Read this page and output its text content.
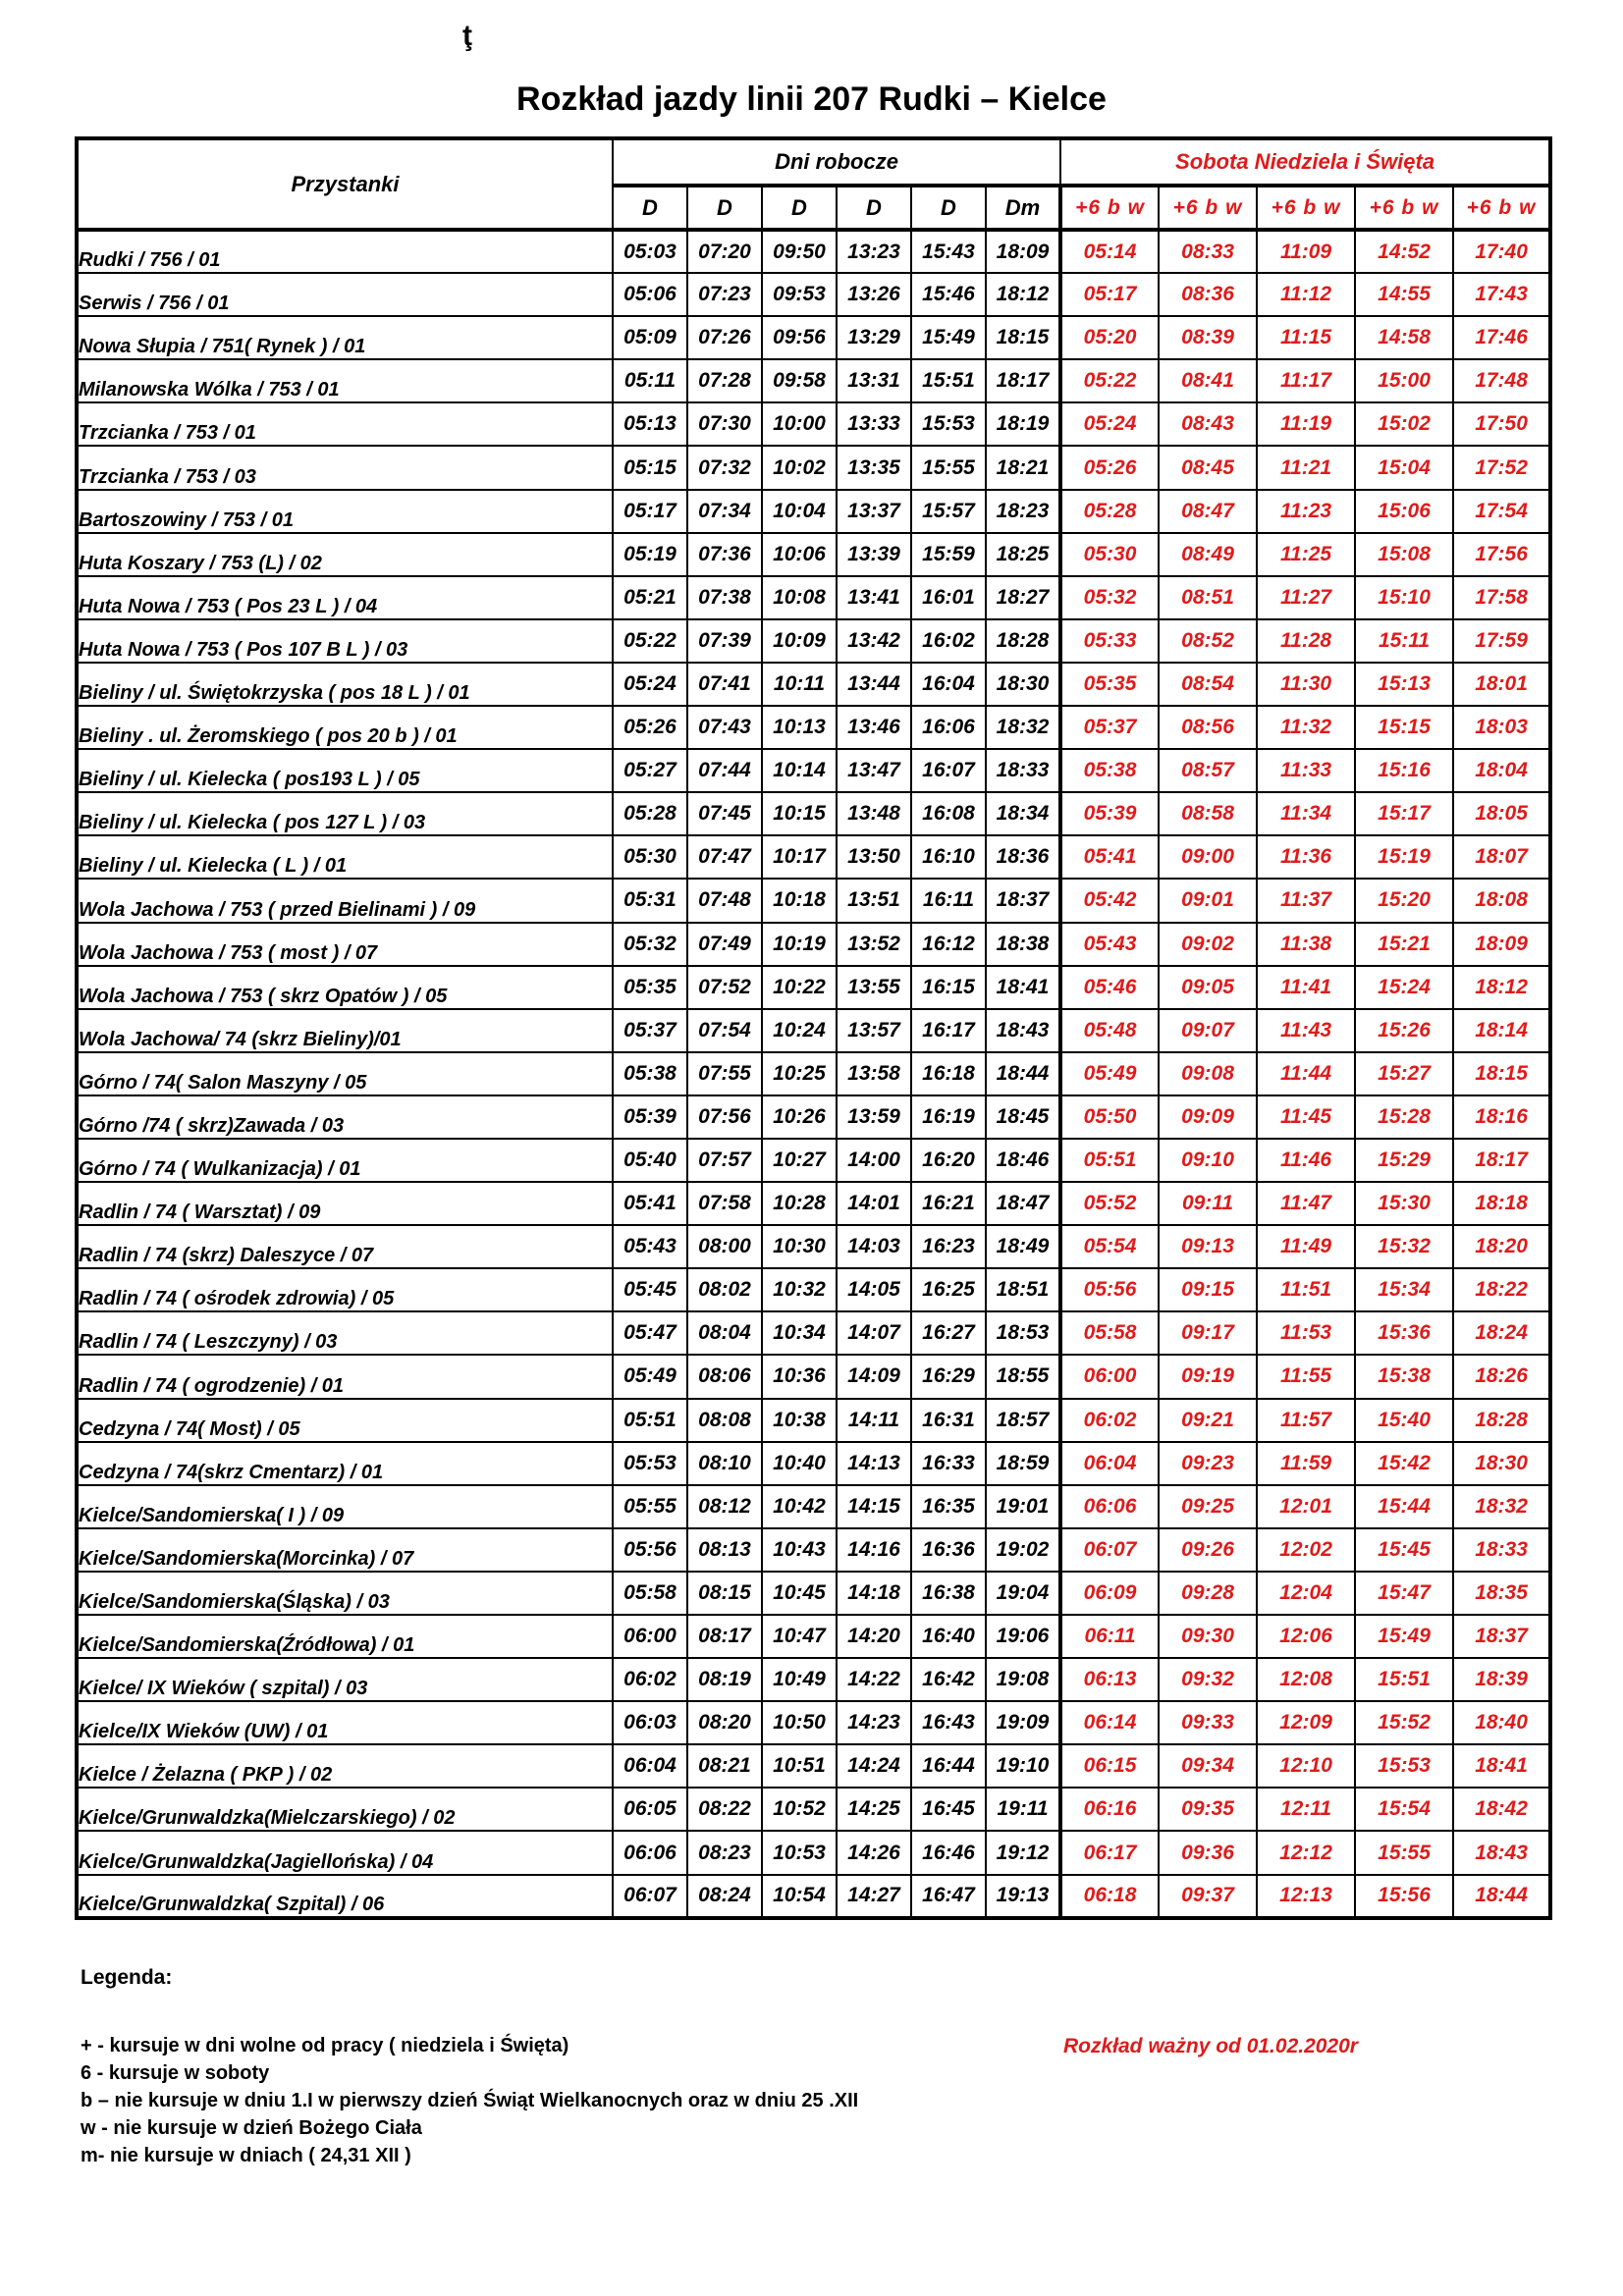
ţ
Rozkład jazdy linii 207 Rudki – Kielce
Przystanki	Dni robocze						Sobota Niedziela i Święta				
	D	D	D	D	D	Dm	+6 b w	+6 b w	+6 b w	+6 b w	+6 b w
Rudki / 756 / 01	05:03	07:20	09:50	13:23	15:43	18:09	05:14	08:33	11:09	14:52	17:40
Serwis / 756 / 01	05:06	07:23	09:53	13:26	15:46	18:12	05:17	08:36	11:12	14:55	17:43
Nowa Słupia / 751( Rynek ) / 01	05:09	07:26	09:56	13:29	15:49	18:15	05:20	08:39	11:15	14:58	17:46
Milanowska Wólka / 753 / 01	05:11	07:28	09:58	13:31	15:51	18:17	05:22	08:41	11:17	15:00	17:48
Trzcianka / 753 / 01	05:13	07:30	10:00	13:33	15:53	18:19	05:24	08:43	11:19	15:02	17:50
Trzcianka / 753 / 03	05:15	07:32	10:02	13:35	15:55	18:21	05:26	08:45	11:21	15:04	17:52
Bartoszowiny / 753 / 01	05:17	07:34	10:04	13:37	15:57	18:23	05:28	08:47	11:23	15:06	17:54
Huta Koszary / 753 (L) / 02	05:19	07:36	10:06	13:39	15:59	18:25	05:30	08:49	11:25	15:08	17:56
Huta Nowa / 753 ( Pos 23 L ) / 04	05:21	07:38	10:08	13:41	16:01	18:27	05:32	08:51	11:27	15:10	17:58
Huta Nowa / 753 ( Pos 107 B L ) / 03	05:22	07:39	10:09	13:42	16:02	18:28	05:33	08:52	11:28	15:11	17:59
Bieliny / ul. Świętokrzyska ( pos 18 L ) / 01	05:24	07:41	10:11	13:44	16:04	18:30	05:35	08:54	11:30	15:13	18:01
Bieliny . ul. Żeromskiego ( pos 20 b ) / 01	05:26	07:43	10:13	13:46	16:06	18:32	05:37	08:56	11:32	15:15	18:03
Bieliny / ul. Kielecka ( pos193 L ) / 05	05:27	07:44	10:14	13:47	16:07	18:33	05:38	08:57	11:33	15:16	18:04
Bieliny / ul. Kielecka ( pos 127 L ) / 03	05:28	07:45	10:15	13:48	16:08	18:34	05:39	08:58	11:34	15:17	18:05
Bieliny / ul. Kielecka ( L ) / 01	05:30	07:47	10:17	13:50	16:10	18:36	05:41	09:00	11:36	15:19	18:07
Wola Jachowa / 753 ( przed Bielinami ) / 09	05:31	07:48	10:18	13:51	16:11	18:37	05:42	09:01	11:37	15:20	18:08
Wola Jachowa / 753 ( most ) / 07	05:32	07:49	10:19	13:52	16:12	18:38	05:43	09:02	11:38	15:21	18:09
Wola Jachowa / 753 ( skrz Opatów ) / 05	05:35	07:52	10:22	13:55	16:15	18:41	05:46	09:05	11:41	15:24	18:12
Wola Jachowa/ 74 (skrz Bieliny)/01	05:37	07:54	10:24	13:57	16:17	18:43	05:48	09:07	11:43	15:26	18:14
Górno / 74( Salon Maszyny / 05	05:38	07:55	10:25	13:58	16:18	18:44	05:49	09:08	11:44	15:27	18:15
Górno /74 ( skrz)Zawada / 03	05:39	07:56	10:26	13:59	16:19	18:45	05:50	09:09	11:45	15:28	18:16
Górno / 74 ( Wulkanizacja) / 01	05:40	07:57	10:27	14:00	16:20	18:46	05:51	09:10	11:46	15:29	18:17
Radlin / 74 ( Warsztat) / 09	05:41	07:58	10:28	14:01	16:21	18:47	05:52	09:11	11:47	15:30	18:18
Radlin / 74 (skrz) Daleszyce / 07	05:43	08:00	10:30	14:03	16:23	18:49	05:54	09:13	11:49	15:32	18:20
Radlin / 74 ( ośrodek zdrowia) / 05	05:45	08:02	10:32	14:05	16:25	18:51	05:56	09:15	11:51	15:34	18:22
Radlin / 74 ( Leszczyny) / 03	05:47	08:04	10:34	14:07	16:27	18:53	05:58	09:17	11:53	15:36	18:24
Radlin / 74 ( ogrodzenie) / 01	05:49	08:06	10:36	14:09	16:29	18:55	06:00	09:19	11:55	15:38	18:26
Cedzyna / 74( Most) / 05	05:51	08:08	10:38	14:11	16:31	18:57	06:02	09:21	11:57	15:40	18:28
Cedzyna / 74(skrz Cmentarz) / 01	05:53	08:10	10:40	14:13	16:33	18:59	06:04	09:23	11:59	15:42	18:30
Kielce/Sandomierska( I ) / 09	05:55	08:12	10:42	14:15	16:35	19:01	06:06	09:25	12:01	15:44	18:32
Kielce/Sandomierska(Morcinka) / 07	05:56	08:13	10:43	14:16	16:36	19:02	06:07	09:26	12:02	15:45	18:33
Kielce/Sandomierska(Śląska) / 03	05:58	08:15	10:45	14:18	16:38	19:04	06:09	09:28	12:04	15:47	18:35
Kielce/Sandomierska(Źródłowa) / 01	06:00	08:17	10:47	14:20	16:40	19:06	06:11	09:30	12:06	15:49	18:37
Kielce/ IX Wieków ( szpital) / 03	06:02	08:19	10:49	14:22	16:42	19:08	06:13	09:32	12:08	15:51	18:39
Kielce/IX Wieków (UW) / 01	06:03	08:20	10:50	14:23	16:43	19:09	06:14	09:33	12:09	15:52	18:40
Kielce / Żelazna ( PKP ) / 02	06:04	08:21	10:51	14:24	16:44	19:10	06:15	09:34	12:10	15:53	18:41
Kielce/Grunwaldzka(Mielczarskiego) / 02	06:05	08:22	10:52	14:25	16:45	19:11	06:16	09:35	12:11	15:54	18:42
Kielce/Grunwaldzka(Jagiellońska) / 04	06:06	08:23	10:53	14:26	16:46	19:12	06:17	09:36	12:12	15:55	18:43
Kielce/Grunwaldzka( Szpital) / 06	06:07	08:24	10:54	14:27	16:47	19:13	06:18	09:37	12:13	15:56	18:44
Legenda:
+ - kursuje w dni wolne od pracy ( niedziela i Święta)
6 - kursuje w soboty
b – nie kursuje w dniu 1.I w pierwszy dzień Świąt Wielkanocnych oraz w dniu 25 .XII
w - nie kursuje w dzień Bożego Ciała
m- nie kursuje w dniach ( 24,31 XII )
Rozkład ważny od 01.02.2020r
